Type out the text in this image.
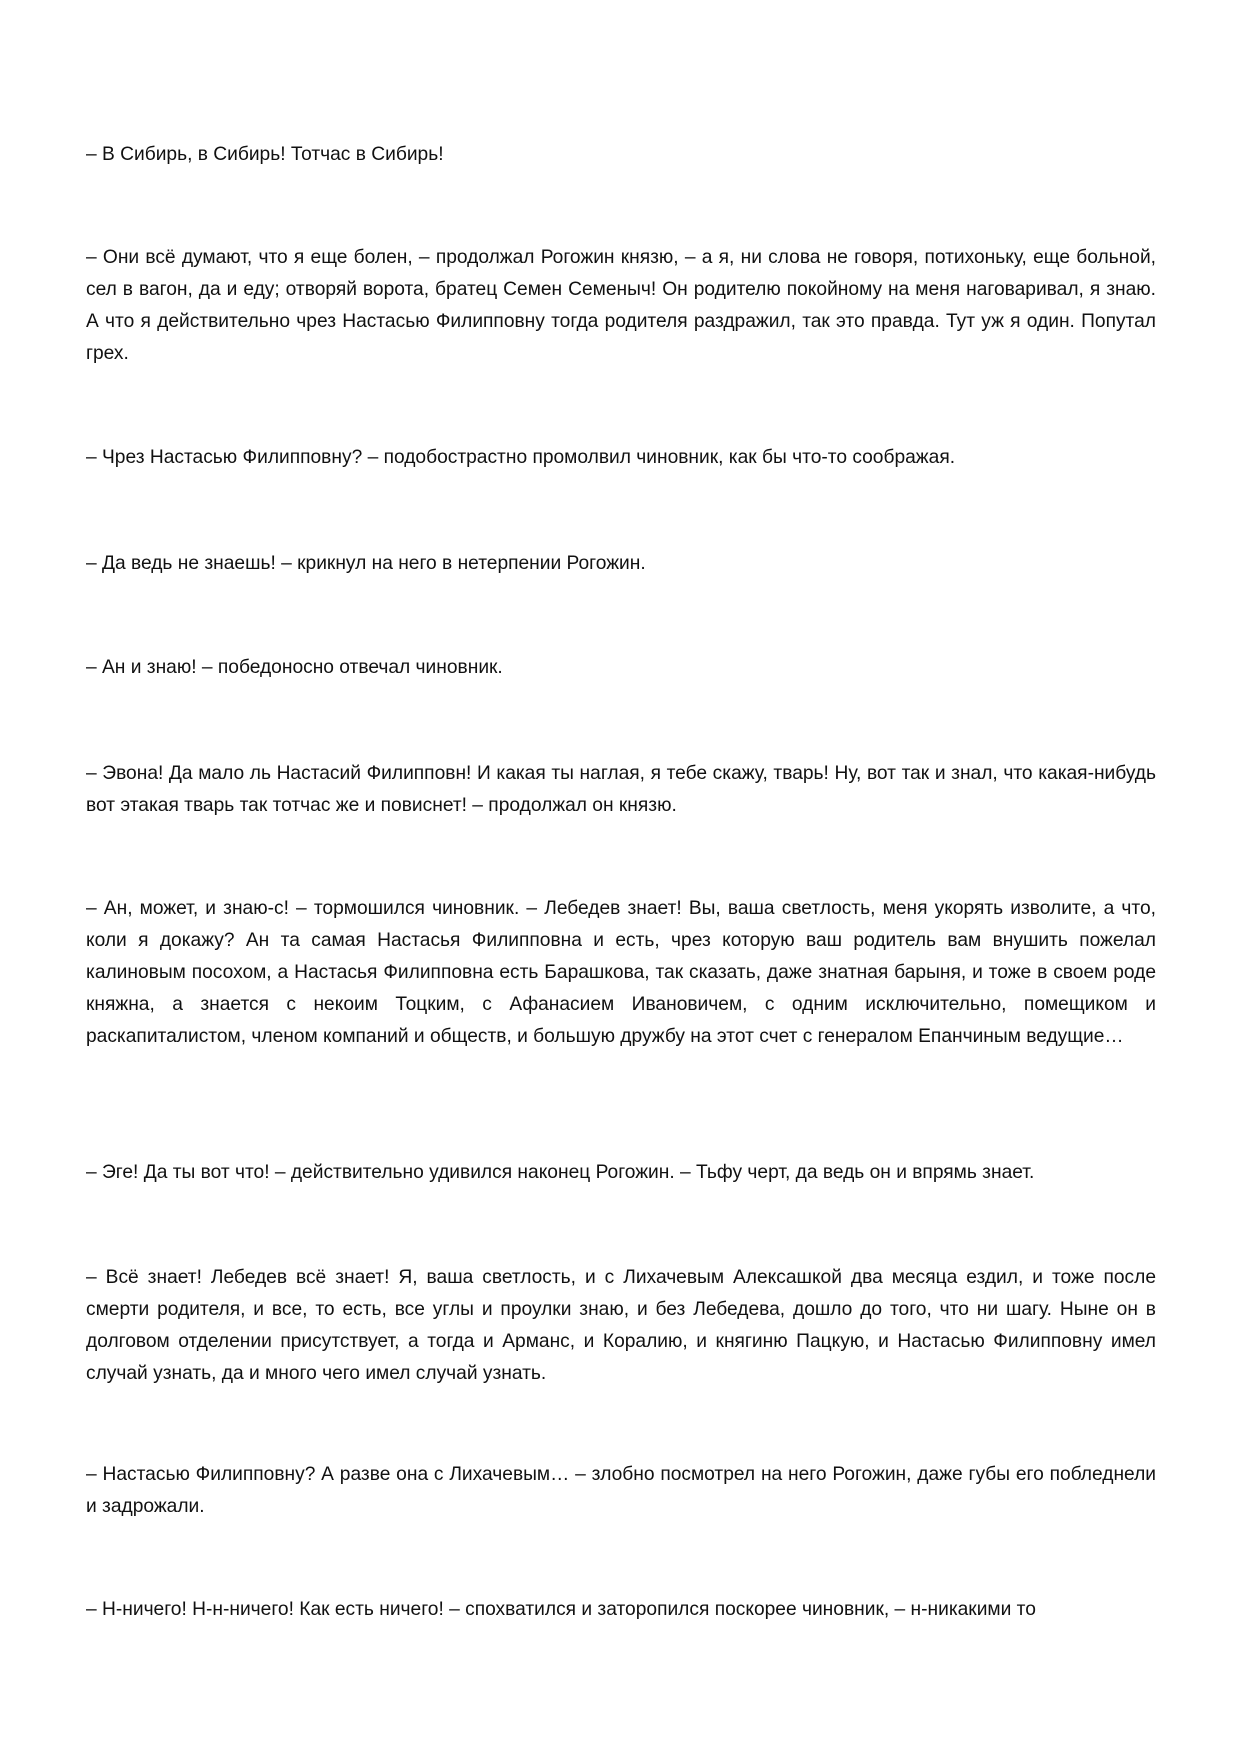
– В Сибирь, в Сибирь! Тотчас в Сибирь!

– Они всё думают, что я еще болен, – продолжал Рогожин князю, – а я, ни слова не говоря, потихоньку, еще больной, сел в вагон, да и еду; отворяй ворота, братец Семен Семеныч! Он родителю покойному на меня наговаривал, я знаю. А что я действительно чрез Настасью Филипповну тогда родителя раздражил, так это правда. Тут уж я один. Попутал грех.

– Чрез Настасью Филипповну? – подобострастно промолвил чиновник, как бы что-то соображая.

– Да ведь не знаешь! – крикнул на него в нетерпении Рогожин.

– Ан и знаю! – победоносно отвечал чиновник.

– Эвона! Да мало ль Настасий Филипповн! И какая ты наглая, я тебе скажу, тварь! Ну, вот так и знал, что какая-нибудь вот этакая тварь так тотчас же и повиснет! – продолжал он князю.

– Ан, может, и знаю-с! – тормошился чиновник. – Лебедев знает! Вы, ваша светлость, меня укорять изволите, а что, коли я докажу? Ан та самая Настасья Филипповна и есть, чрез которую ваш родитель вам внушить пожелал калиновым посохом, а Настасья Филипповна есть Барашкова, так сказать, даже знатная барыня, и тоже в своем роде княжна, а знается с некоим Тоцким, с Афанасием Ивановичем, с одним исключительно, помещиком и раскапиталистом, членом компаний и обществ, и большую дружбу на этот счет с генералом Епанчиным ведущие…

– Эге! Да ты вот что! – действительно удивился наконец Рогожин. – Тьфу черт, да ведь он и впрямь знает.

– Всё знает! Лебедев всё знает! Я, ваша светлость, и с Лихачевым Алексашкой два месяца ездил, и тоже после смерти родителя, и все, то есть, все углы и проулки знаю, и без Лебедева, дошло до того, что ни шагу. Ныне он в долговом отделении присутствует, а тогда и Арманс, и Коралию, и княгиню Пацкую, и Настасью Филипповну имел случай узнать, да и много чего имел случай узнать.

– Настасью Филипповну? А разве она с Лихачевым… – злобно посмотрел на него Рогожин, даже губы его побледнели и задрожали.

– Н-ничего! Н-н-ничего! Как есть ничего! – спохватился и заторопился поскорее чиновник, – н-никакими то
